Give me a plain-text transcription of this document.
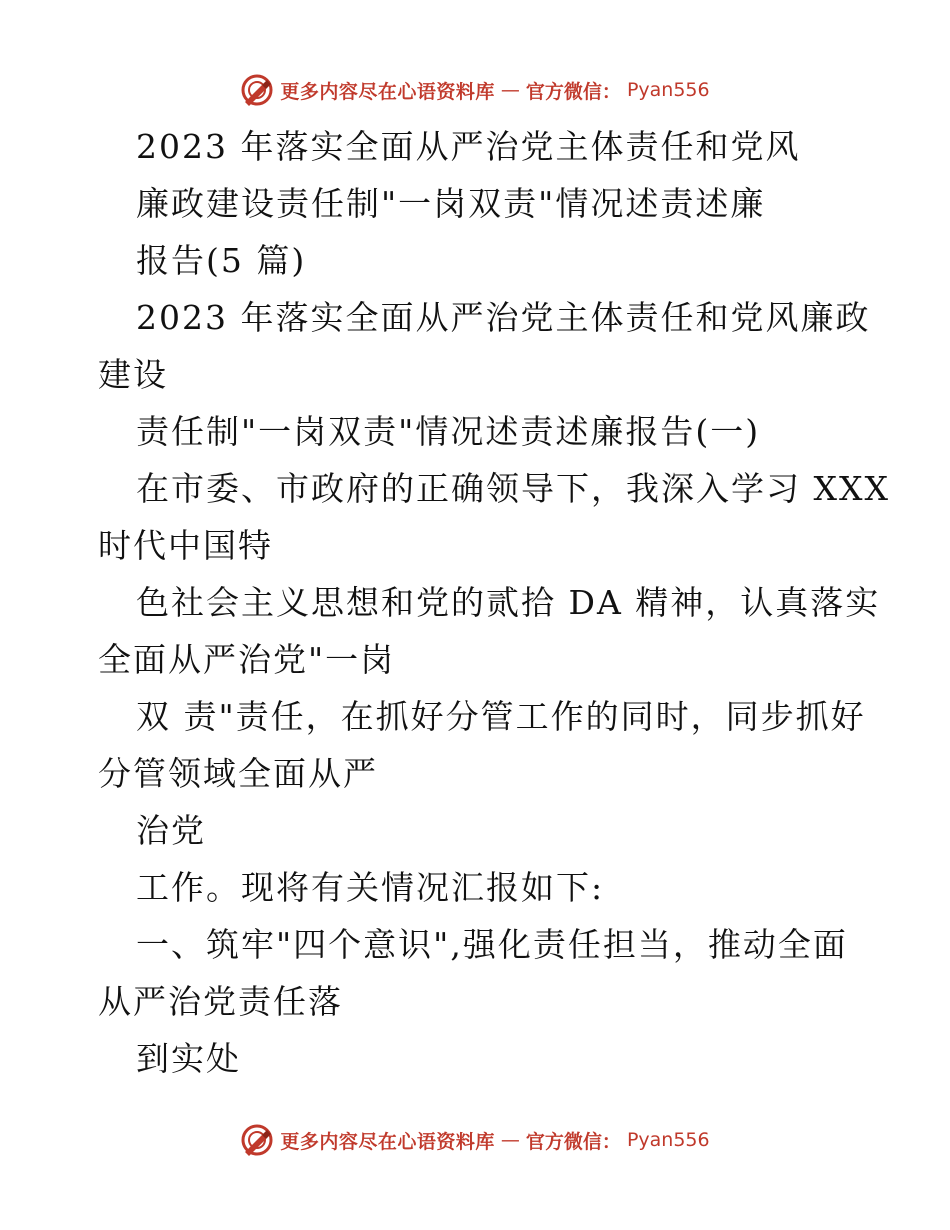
更多内容尽在心语资料库 — 官方微信： Pyan556
2023 年落实全面从严治党主体责任和党风
廉政建设责任制"一岗双责"情况述责述廉
报告(5 篇)
2023 年落实全面从严治党主体责任和党风廉政
建设
责任制"一岗双责"情况述责述廉报告(一)
在市委、市政府的正确领导下，我深入学习 XXX
时代中国特
色社会主义思想和党的贰拾 DA 精神，认真落实
全面从严治党"一岗
双 责"责任，在抓好分管工作的同时，同步抓好
分管领域全面从严
治党
工作。现将有关情况汇报如下:
一、筑牢"四个意识",强化责任担当，推动全面
从严治党责任落
到实处
更多内容尽在心语资料库 — 官方微信： Pyan556
